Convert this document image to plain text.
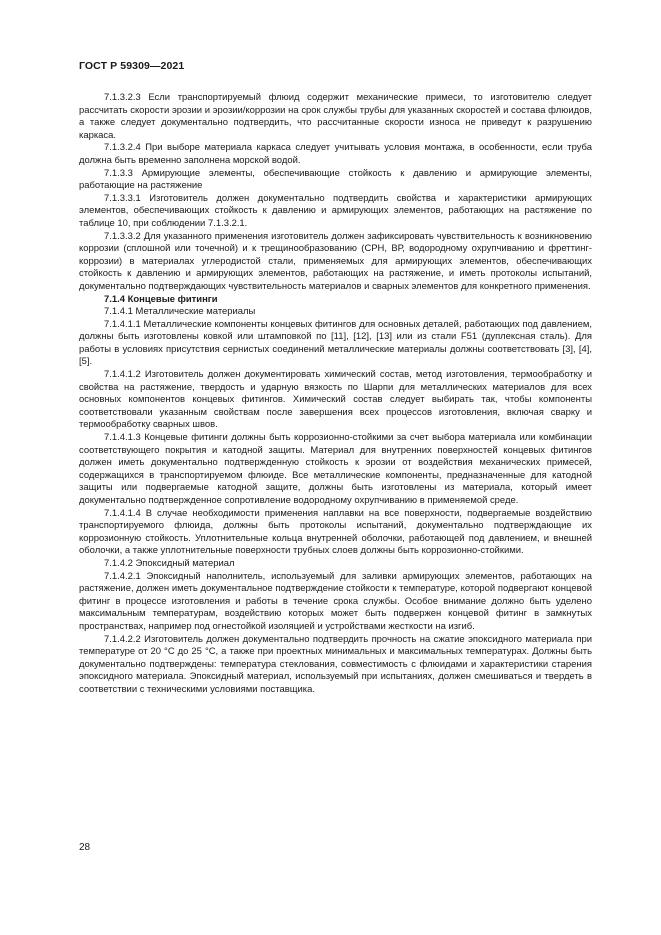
ГОСТ Р 59309—2021

7.1.3.2.3 Если транспортируемый флюид содержит механические примеси, то изготовителю следует рассчитать скорости эрозии и эрозии/коррозии на срок службы трубы для указанных скоростей и состава флюидов, а также следует документально подтвердить, что рассчитанные скорости износа не приведут к разрушению каркаса.

7.1.3.2.4 При выборе материала каркаса следует учитывать условия монтажа, в особенности, если труба должна быть временно заполнена морской водой.

7.1.3.3 Армирующие элементы, обеспечивающие стойкость к давлению и армирующие элементы, работающие на растяжение

7.1.3.3.1 Изготовитель должен документально подтвердить свойства и характеристики армирующих элементов, обеспечивающих стойкость к давлению и армирующих элементов, работающих на растяжение по таблице 10, при соблюдении 7.1.3.2.1.

7.1.3.3.2 Для указанного применения изготовитель должен зафиксировать чувствительность к возникновению коррозии (сплошной или точечной) и к трещинообразованию (СРН, ВР, водородному охрупчиванию и фреттинг-коррозии) в материалах углеродистой стали, применяемых для армирующих элементов, обеспечивающих стойкость к давлению и армирующих элементов, работающих на растяжение, и иметь протоколы испытаний, документально подтверждающих чувствительность материалов и сварных элементов для конкретного применения.

7.1.4 Концевые фитинги

7.1.4.1 Металлические материалы

7.1.4.1.1 Металлические компоненты концевых фитингов для основных деталей, работающих под давлением, должны быть изготовлены ковкой или штамповкой по [11], [12], [13] или из стали F51 (дуплексная сталь). Для работы в условиях присутствия сернистых соединений металлические материалы должны соответствовать [3], [4], [5].

7.1.4.1.2 Изготовитель должен документировать химический состав, метод изготовления, термообработку и свойства на растяжение, твердость и ударную вязкость по Шарпи для металлических материалов для всех основных компонентов концевых фитингов. Химический состав следует выбирать так, чтобы компоненты соответствовали указанным свойствам после завершения всех процессов изготовления, включая сварку и термообработку сварных швов.

7.1.4.1.3 Концевые фитинги должны быть коррозионно-стойкими за счет выбора материала или комбинации соответствующего покрытия и катодной защиты. Материал для внутренних поверхностей концевых фитингов должен иметь документально подтвержденную стойкость к эрозии от воздействия механических примесей, содержащихся в транспортируемом флюиде. Все металлические компоненты, предназначенные для катодной защиты или подвергаемые катодной защите, должны быть изготовлены из материала, который имеет документально подтвержденное сопротивление водородному охрупчиванию в применяемой среде.

7.1.4.1.4 В случае необходимости применения наплавки на все поверхности, подвергаемые воздействию транспортируемого флюида, должны быть протоколы испытаний, документально подтверждающие их коррозионную стойкость. Уплотнительные кольца внутренней оболочки, работающей под давлением, и внешней оболочки, а также уплотнительные поверхности трубных слоев должны быть коррозионно-стойкими.

7.1.4.2 Эпоксидный материал

7.1.4.2.1 Эпоксидный наполнитель, используемый для заливки армирующих элементов, работающих на растяжение, должен иметь документальное подтверждение стойкости к температуре, которой подвергают концевой фитинг в процессе изготовления и работы в течение срока службы. Особое внимание должно быть уделено максимальным температурам, воздействию которых может быть подвержен концевой фитинг в замкнутых пространствах, например под огнестойкой изоляцией и устройствами жесткости на изгиб.

7.1.4.2.2 Изготовитель должен документально подтвердить прочность на сжатие эпоксидного материала при температуре от 20 °С до 25 °С, а также при проектных минимальных и максимальных температурах. Должны быть документально подтверждены: температура стеклования, совместимость с флюидами и характеристики старения эпоксидного материала. Эпоксидный материал, используемый при испытаниях, должен смешиваться и твердеть в соответствии с техническими условиями поставщика.

28
